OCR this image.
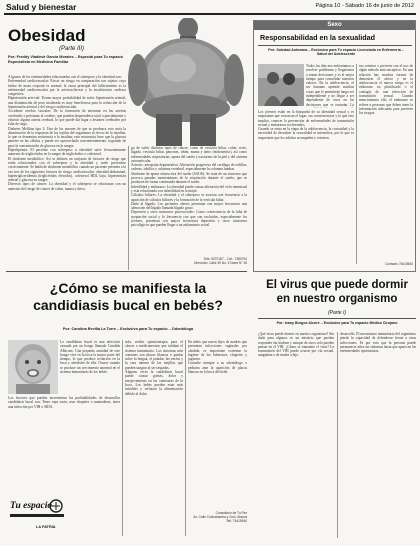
Salud y bienestar	Página 10 - Sábado 16 de junio de 2012
Obesidad
(Parte III)
Por: Freddy Vladimir García Morales – Especial para Tu espacio Especialista en Medicina Familiar

A lgunos de los enfermedades relacionadas con el sobrepeso y la obesidad son:

Enfermedad cardiovascular: Existe un riesgo en comparación con sujetos cuyo índice de masa corporal es normal; la causa principal del fallecimiento es la enfermedad cardiovascular por la arteriosclerosis y la insuficiencia cardiaca congestiva.

Hipertensión arte-rial: Tienen mayor probabilidad de sufrir hipertensión arterial, una disminución de peso moderada es muy beneficiosa para la reducción de la hipertensión arterial y del riesgo cardiovascular.

Accidente cerebro vascular: De la formación de ateromas en las arterias cerebrales o próximas al cerebro, que pueden desprenderse total o parcialmente y obstruir alguna arteria cerebral, lo que puede dar lugar a lesiones cerebrales por falta de riego.

Diabetes Mellitus tipo 2: Una de las razones de que se produzca esto sería la disminución de la respuesta de los tejidos del organismo al efecto de la insulina, lo que se denomina resistencia a la insulina; esta resistencia hace que la glucosa penetre en las células y puede ser aprovechada convenientemente, logrando de paso la concentración de glucosa en la sangre.

Hiperlipemia: El paciente con sobrepeso u obesidad sufre frecuentemente aumento de triglicéridos en la sangre de triglicéridos o colesterol.

El síndrome metabólico: Así se definen un conjunto de factores de riesgo que están relacionados con el sobrepeso y la obesidad y suele prevenirse correctamente. Se habla de síndrome metabólico cuando un paciente presenta a la vez tres de los siguientes factores de riesgo cardiovascular: obesidad abdominal, hipertrigliceridemia (triglicéridos elevados), colesterol HDL bajo, hipertensión arterial y glucosa en sangre.

Diversos tipos de cáncer: La obesidad y el sobrepeso se relacionan con un aumento del riesgo de cáncer de colon, mama y útero.

go de sufrir distintos tipos de cáncer, como de vesícula biliar, colon, recto, hígado, vesícula biliar, páncreas, riñón, mama y útero (endometrio), así como enfermedades respiratorias, apnea del sueño y trastornos de la piel y del sistema osteoarticular.

Artrosis: artropatía degenerativa: Alteración progresiva del cartílago de rodillas, caderas, tobillos y columna vertebral, especialmente la columna lumbar.

Síndrome de apnea obstructiva del sueño (SAOS): Se trata de un trastorno que provoca paradas momentáneas de la respiración durante el sueño, que se producen de forma continuada durante el sueño.

Infertilidad y embarazo: La obesidad puede causar alteración del ciclo menstrual y esta relacionada con infertilidad en la mujer.

Cálculos biliares: La obesidad y el sobrepeso se asocian con frecuencia a la aparición de cálculos biliares y la formación de la vesícula biliar.

Daño al hígado: Los pacientes obesos presentan con mayor frecuencia una alteración del hígado llamada hígado graso.

Depresión y otros trastornos psicosociales: Como consecuencia de la falta de aceptación social y la frecuencia con que son excluidos, especialmente los jóvenes, presentan con mayor frecuencia depresión y otros trastornos psicológicos que pueden llegar a un aislamiento social.

Tele: 5237187 – Cel.: 7380794
Dirección: Calle 39 No. 5 Norte N° 26
Sexo
Responsabilidad en la sexualidad
Por: Soledad Antezana – Exclusivo para Tu espacio Licenciada en Enfermería – Salud del Adolescente

Todos los días nos enfrentamos a resolver problemas y llegaremos a tomar decisiones y es el mejor tiempo para consolidar nuestros valores. En la adolescencia, el ser humano aprende muchas cosas que le permitirán luego ser independiente y no llegar a ser dependiente de otros en las decisiones que se tomarán. La

Los jóvenes están en la búsqueda de su identidad sexual y es importante que conozcan el lugar, sus consecuencias y lo que esto implica, conocer la prevención de enfermedades de transmisión sexual y embarazos no deseados.

Cuando se entra en la etapa de la adolescencia, la curiosidad y la necesidad de descubrir la sexualidad se intensifica, por lo que es importante que los adultos acompañen y orienten.

mo orientar o prevenir con el uso de algún método anticonceptivo. En una relación hay muchas formas de demostrar el afecto y en la adolescencia el mayor riesgo es el embarazo no planificado o el contagio de una infección de transmisión sexual. Cuando mencionamos ello, el embarazo se refiere a personas que deben tener la información adecuada para prevenir los riesgos.

Contacto 76415540
¿Cómo se manifiesta la candidiasis bucal en bebés?
Por: Carolina Revilla La Torre – Exclusivo para Tu espacio – Odontóloga

La candidiasis bucal es una infección causada por un hongo llamado Candida Albicans. Una pequeña cantidad de este hongo vive en la boca la mayor parte del tiempo, lo que produce irritación en la boca y alrededor de ella. Ocurre cuando se produce un crecimiento anormal en el sistema inmunitario de los bebés.

Los factores que pueden incrementar las probabilidades de desarrollar candidiasis bucal son: Tener ropa sucia, usar chupetes o mamaderas, tener una infección por VIH o SIDA.

sida, recibir quimioterapia para el cáncer o medicamentos que inhiban el sistema inmunitario. Los síntomas más comunes son placas blancas o pardas sobre la lengua, el paladar, las encías y la cara interna de las mejillas que pueden sangrar al ser raspadas.

Algunas veces la candidiasis bucal puede causar grietas, dolor y enrojecimiento en las comisuras de la boca. Los bebés pueden estar más irritables y rechazar la alimentación debido al dolor.

En niños que nacen hijos de madres que presentan infecciones vaginales por cándida, es importante extremar la higiene de los biberones, chupetes y juguetes.

Consulte siempre a su odontólogo o pediatra ante la aparición de placas blancas en la boca del bebé.

Consultorio de Tu Pez
Av. Calle Cochabamba y Cnel. Alacoa
Telf. 76415540
Tu espacio
LA PATRIA
El virus que puede dormir en nuestro organismo
(Parte I)
Por: Ivany Burgos Alcoré – Exclusivo para Tu espacio Médico Cirujano

¿Qué virus puede dormir en nuestro organismo? Sin duda para algunos es un misterio que pueden responder sin titubear y aunque de otros solo pueden pensar en el VIH. ¿Cómo se transmite el virus? La transmisión del VIH puede ocurrir por vía sexual, sanguínea o de madre a hijo.

desarrollo. El mecanismo inmunitario del organismo pierde la capacidad de defenderse frente a otras infecciones. Es por esto que la persona puede permanecer años sin síntomas hasta que aparecen las enfermedades oportunistas.
